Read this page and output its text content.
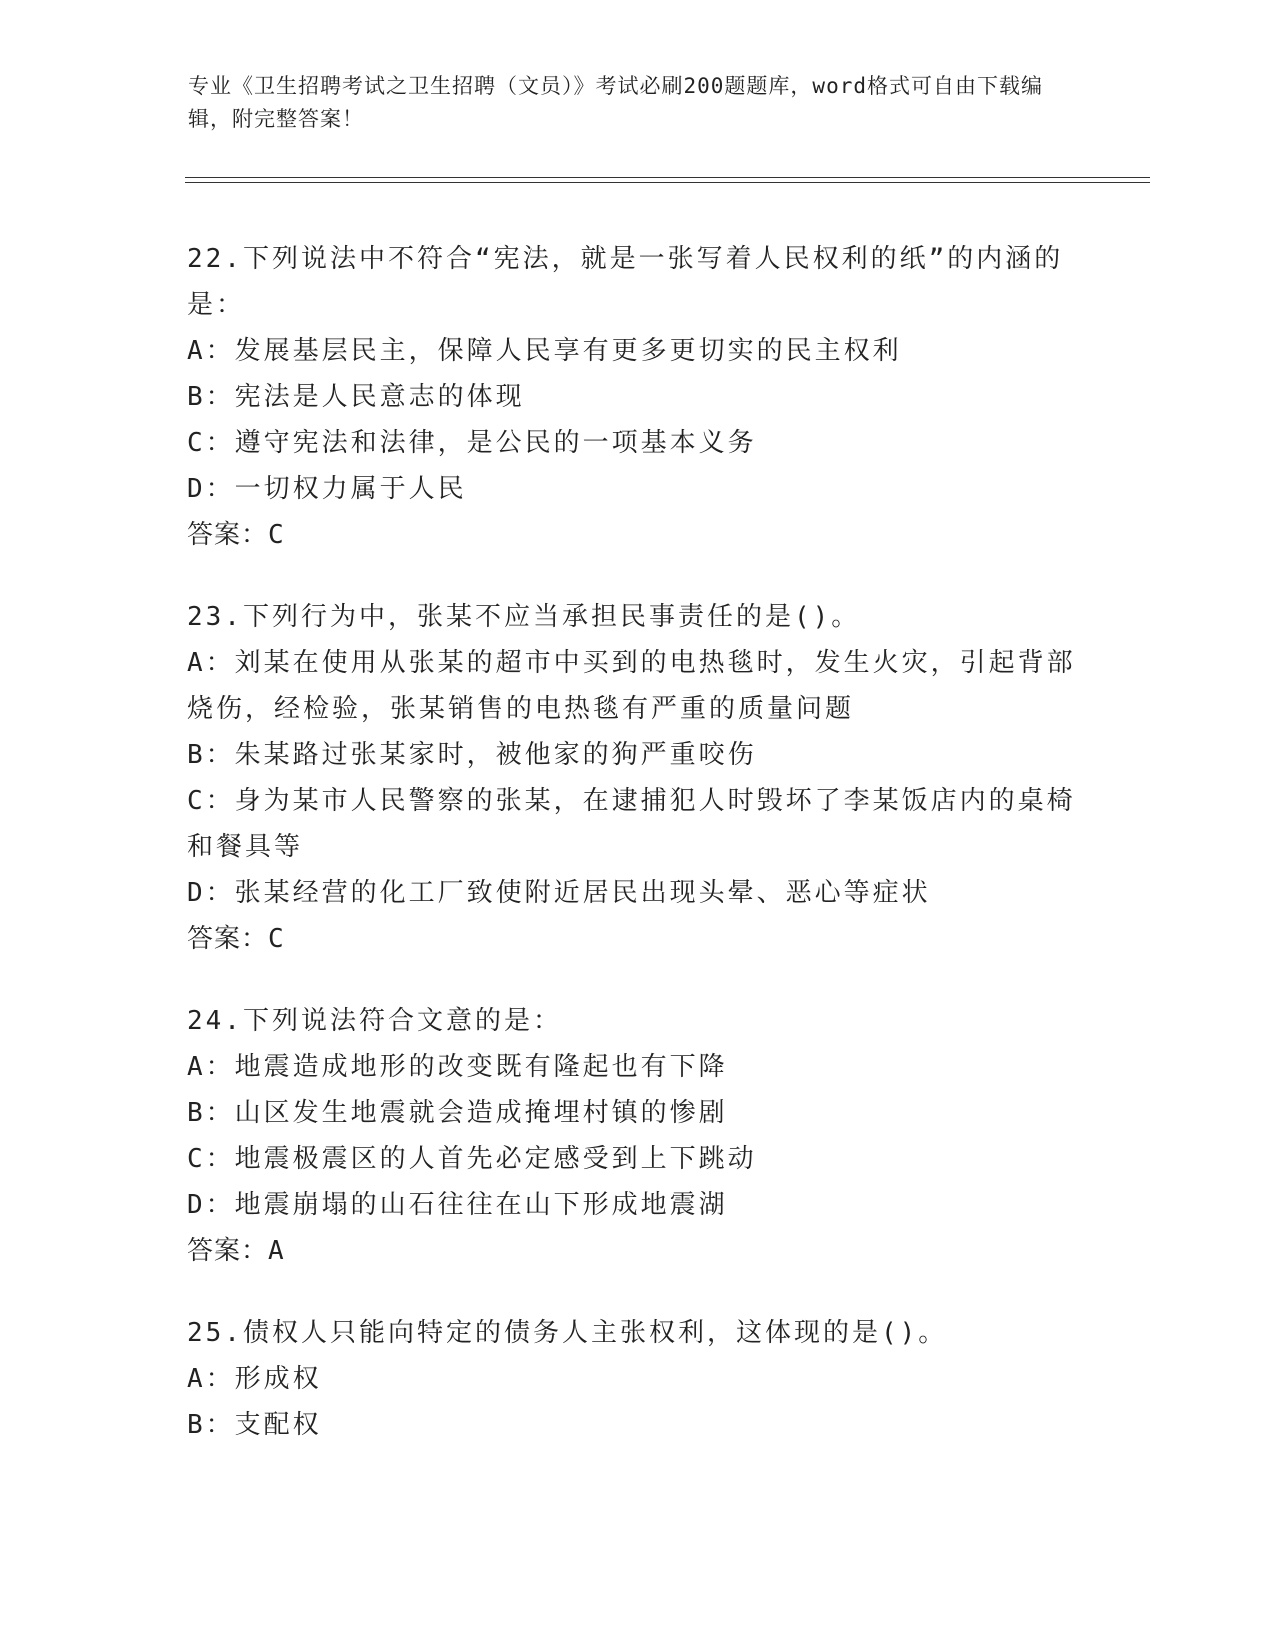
专业《卫生招聘考试之卫生招聘（文员）》考试必刷200题题库，word格式可自由下载编辑，附完整答案！
22.下列说法中不符合“宪法，就是一张写着人民权利的纸”的内涵的是：
A：发展基层民主，保障人民享有更多更切实的民主权利
B：宪法是人民意志的体现
C：遵守宪法和法律，是公民的一项基本义务
D：一切权力属于人民
答案：C
23.下列行为中，张某不应当承担民事责任的是()。
A：刘某在使用从张某的超市中买到的电热毯时，发生火灾，引起背部烧伤，经检验，张某销售的电热毯有严重的质量问题
B：朱某路过张某家时，被他家的狗严重咬伤
C：身为某市人民警察的张某，在逮捕犯人时毁坏了李某饭店内的桌椅和餐具等
D：张某经营的化工厂致使附近居民出现头晕、恶心等症状
答案：C
24.下列说法符合文意的是：
A：地震造成地形的改变既有隆起也有下降
B：山区发生地震就会造成掩埋村镇的惨剧
C：地震极震区的人首先必定感受到上下跳动
D：地震崩塌的山石往往在山下形成地震湖
答案：A
25.债权人只能向特定的债务人主张权利，这体现的是()。
A：形成权
B：支配权
